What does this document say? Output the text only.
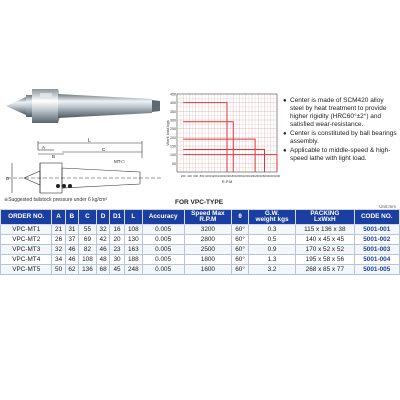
L
A
B
C
MT-□
D
450
400
350
300
250
200
150
100
50
200 400 600 800 1000 1200 1400 1600 1800 2000 2200 2400 2600 2800 3000 3200
Work load kgs
R.P.M
● Center is made of SCM420 alloy steel by heat treatment to provide higher rigidity (HRC60°±2°) and satisfied wear-resistance.
● Center is constituted by ball bearings assembly.
● Applicable to middle-speed & high-speed lathe with light load.
※Suggested tailstock pressure under 6 kg/cm²	FOR VPC-TYPE
Unit:mm
ORDER NO.	A	B	C	D	D1	L	Accuracy	Speed Max
R.P.M	θ	G.W.
weight kgs	PACKING
LxWxH	CODE NO.
VPC-MT1	21	31	55	32	16	108	0.005	3200	60°	0.3	115 x 136 x 38	5001-001
VPC-MT2	26	37	69	42	20	130	0.005	2800	60°	0.5	140 x 45 x 45	5001-002
VPC-MT3	32	46	82	46	23	163	0.005	2500	60°	0.9	170 x 52 x 52	5001-003
VPC-MT4	34	46	108	48	30	188	0.005	1800	60°	1.3	195 x 58 x 56	5001-004
VPC-MT5	50	62	136	68	45	248	0.005	1600	60°	3.2	268 x 85 x 77	5001-005
